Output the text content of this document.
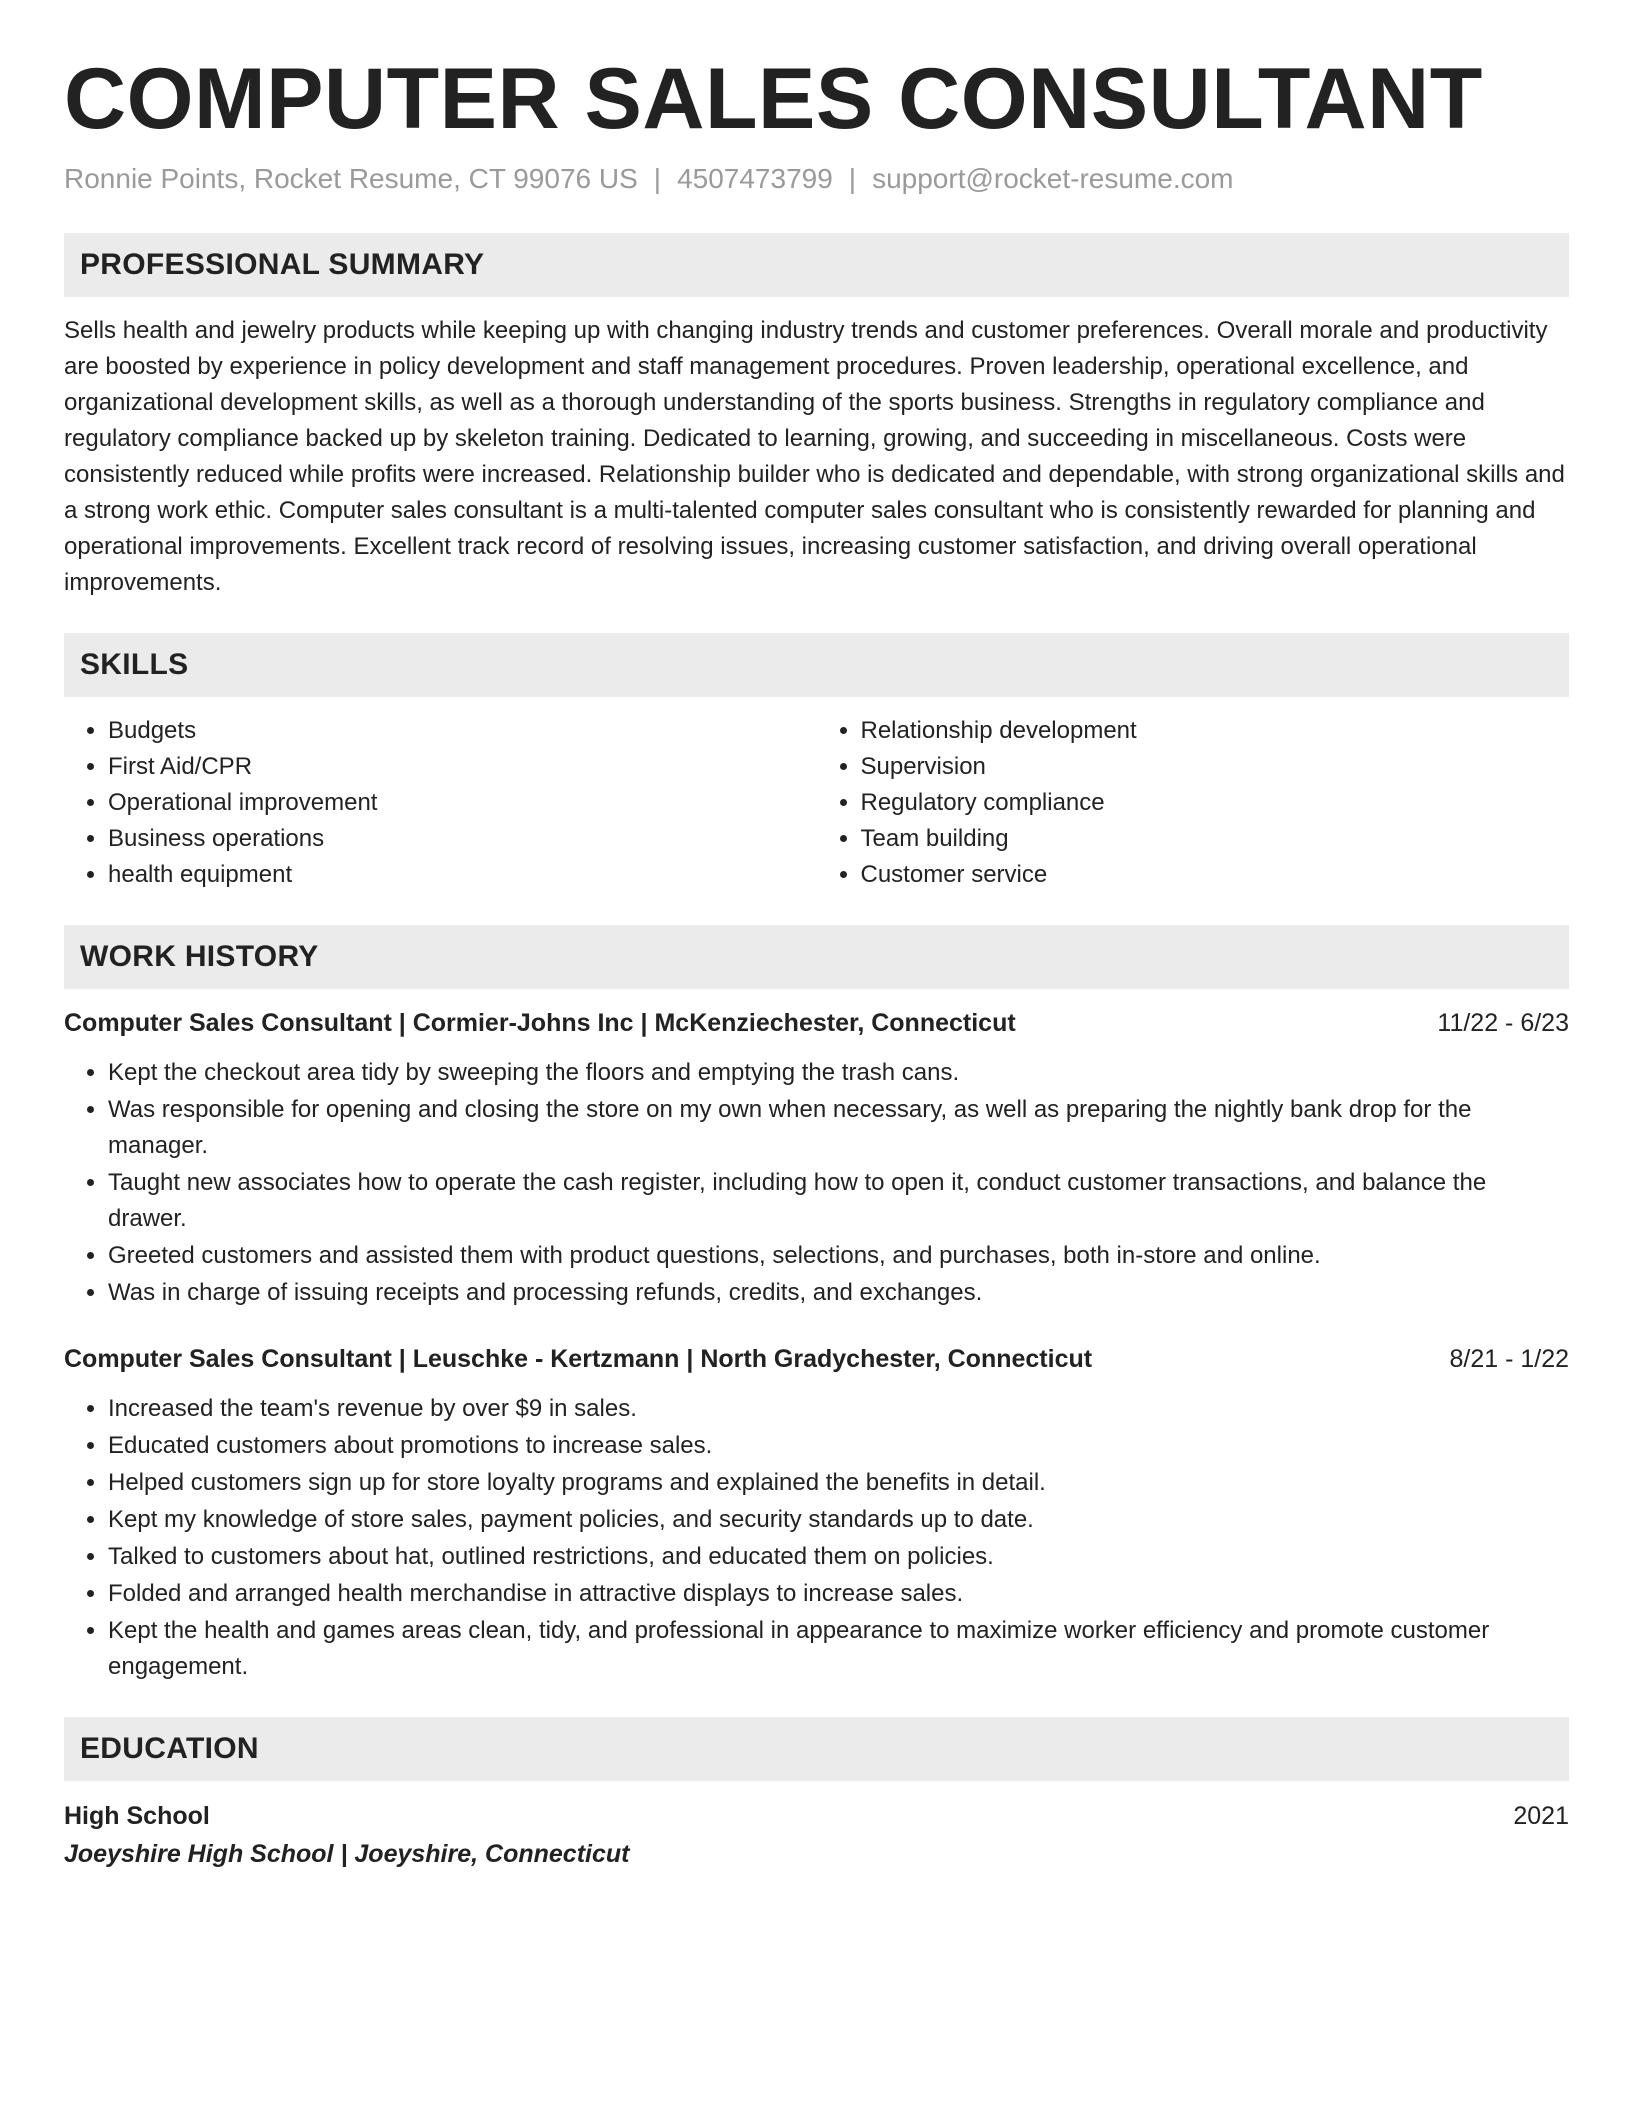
COMPUTER SALES CONSULTANT
Ronnie Points, Rocket Resume, CT 99076 US | 4507473799 | support@rocket-resume.com
PROFESSIONAL SUMMARY
Sells health and jewelry products while keeping up with changing industry trends and customer preferences. Overall morale and productivity are boosted by experience in policy development and staff management procedures. Proven leadership, operational excellence, and organizational development skills, as well as a thorough understanding of the sports business. Strengths in regulatory compliance and regulatory compliance backed up by skeleton training. Dedicated to learning, growing, and succeeding in miscellaneous. Costs were consistently reduced while profits were increased. Relationship builder who is dedicated and dependable, with strong organizational skills and a strong work ethic. Computer sales consultant is a multi-talented computer sales consultant who is consistently rewarded for planning and operational improvements. Excellent track record of resolving issues, increasing customer satisfaction, and driving overall operational improvements.
SKILLS
• Budgets
• First Aid/CPR
• Operational improvement
• Business operations
• health equipment
• Relationship development
• Supervision
• Regulatory compliance
• Team building
• Customer service
WORK HISTORY
Computer Sales Consultant | Cormier-Johns Inc | McKenziechester, Connecticut	11/22 - 6/23
• Kept the checkout area tidy by sweeping the floors and emptying the trash cans.
• Was responsible for opening and closing the store on my own when necessary, as well as preparing the nightly bank drop for the manager.
• Taught new associates how to operate the cash register, including how to open it, conduct customer transactions, and balance the drawer.
• Greeted customers and assisted them with product questions, selections, and purchases, both in-store and online.
• Was in charge of issuing receipts and processing refunds, credits, and exchanges.
Computer Sales Consultant | Leuschke - Kertzmann | North Gradychester, Connecticut	8/21 - 1/22
• Increased the team's revenue by over $9 in sales.
• Educated customers about promotions to increase sales.
• Helped customers sign up for store loyalty programs and explained the benefits in detail.
• Kept my knowledge of store sales, payment policies, and security standards up to date.
• Talked to customers about hat, outlined restrictions, and educated them on policies.
• Folded and arranged health merchandise in attractive displays to increase sales.
• Kept the health and games areas clean, tidy, and professional in appearance to maximize worker efficiency and promote customer engagement.
EDUCATION
High School	2021
Joeyshire High School | Joeyshire, Connecticut
